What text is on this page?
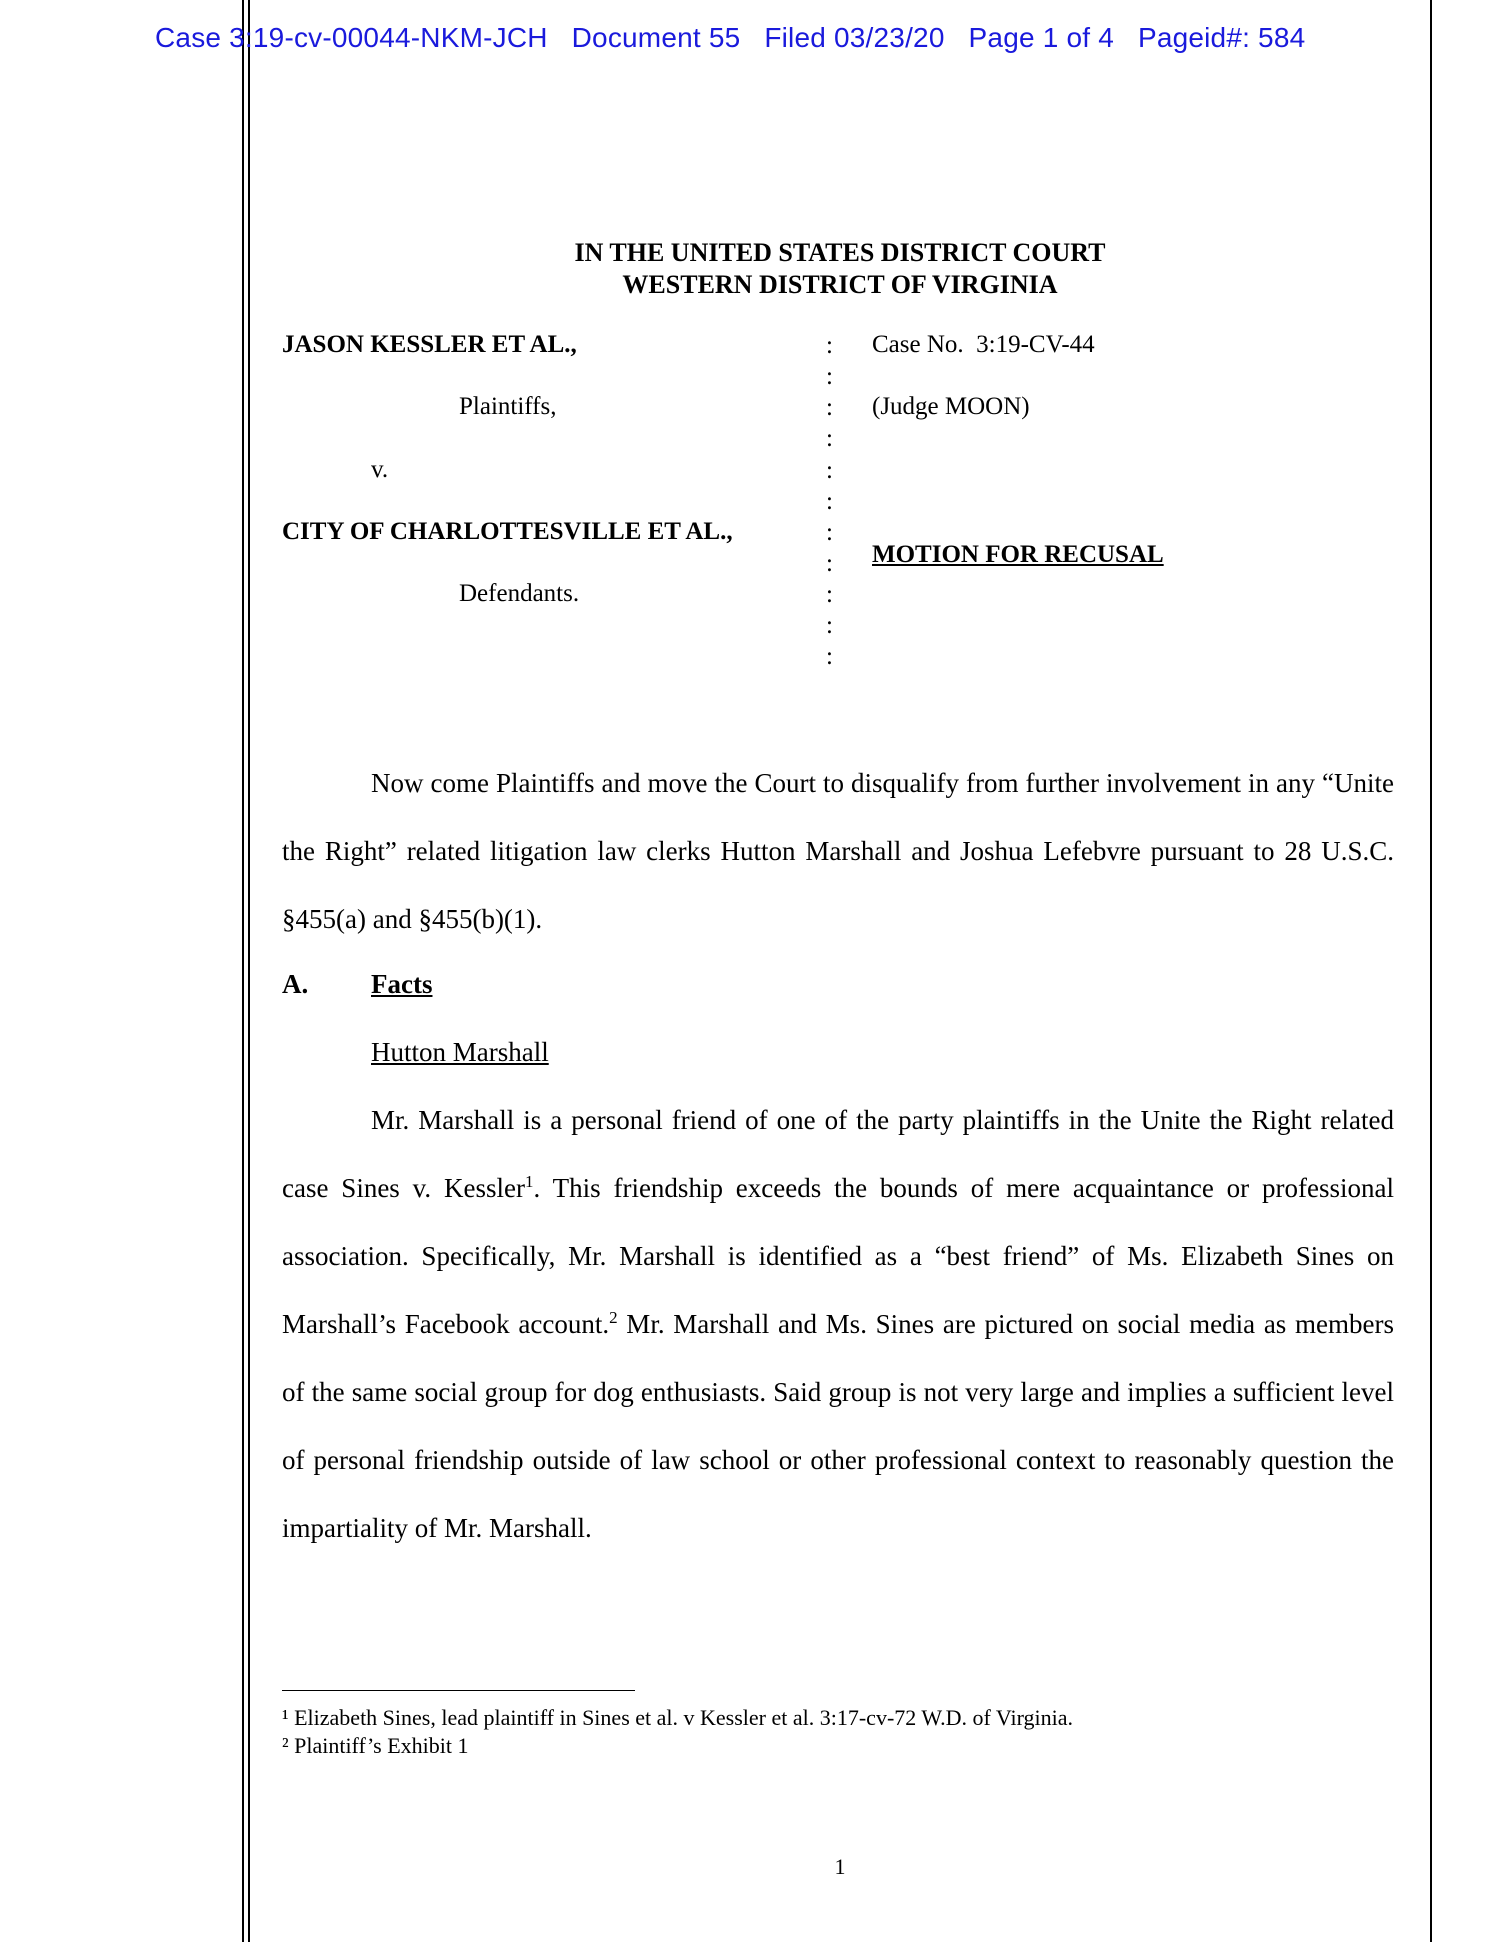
Case 3:19-cv-00044-NKM-JCH Document 55 Filed 03/23/20 Page 1 of 4 Pageid#: 584
IN THE UNITED STATES DISTRICT COURT
WESTERN DISTRICT OF VIRGINIA
JASON KESSLER ET AL.,
Plaintiffs,
v.
CITY OF CHARLOTTESVILLE ET AL.,
Defendants.
:
:
:
:
:
:
:
:
:
:
:
Case No.  3:19-CV-44
(Judge MOON)
MOTION FOR RECUSAL

Now come Plaintiffs and move the Court to disqualify from further involvement in any “Unite the Right” related litigation law clerks Hutton Marshall and Joshua Lefebvre pursuant to 28 U.S.C. §455(a) and §455(b)(1).

A. Facts
Hutton Marshall

Mr. Marshall is a personal friend of one of the party plaintiffs in the Unite the Right related case Sines v. Kessler$^1$. This friendship exceeds the bounds of mere acquaintance or professional association. Specifically, Mr. Marshall is identified as a “best friend” of Ms. Elizabeth Sines on Marshall’s Facebook account.$^2$ Mr. Marshall and Ms. Sines are pictured on social media as members of the same social group for dog enthusiasts. Said group is not very large and implies a sufficient level of personal friendship outside of law school or other professional context to reasonably question the impartiality of Mr. Marshall.

¹ Elizabeth Sines, lead plaintiff in Sines et al. v Kessler et al. 3:17-cv-72 W.D. of Virginia.
² Plaintiff’s Exhibit 1
1
